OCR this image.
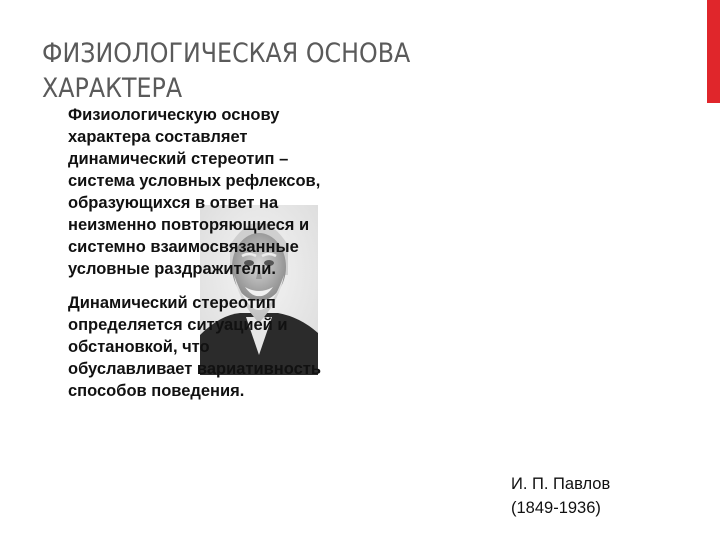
ФИЗИОЛОГИЧЕСКАЯ ОСНОВА
ХАРАКТЕРА

Физиологическую основу
характера составляет
динамический стереотип –
система условных рефлексов,
образующихся в ответ на
неизменно повторяющиеся и
системно взаимосвязанные
условные раздражители.

Динамический стереотип
определяется ситуацией и
обстановкой, что
обуславливает вариативность
способов поведения.

И. П. Павлов
(1849-1936)
